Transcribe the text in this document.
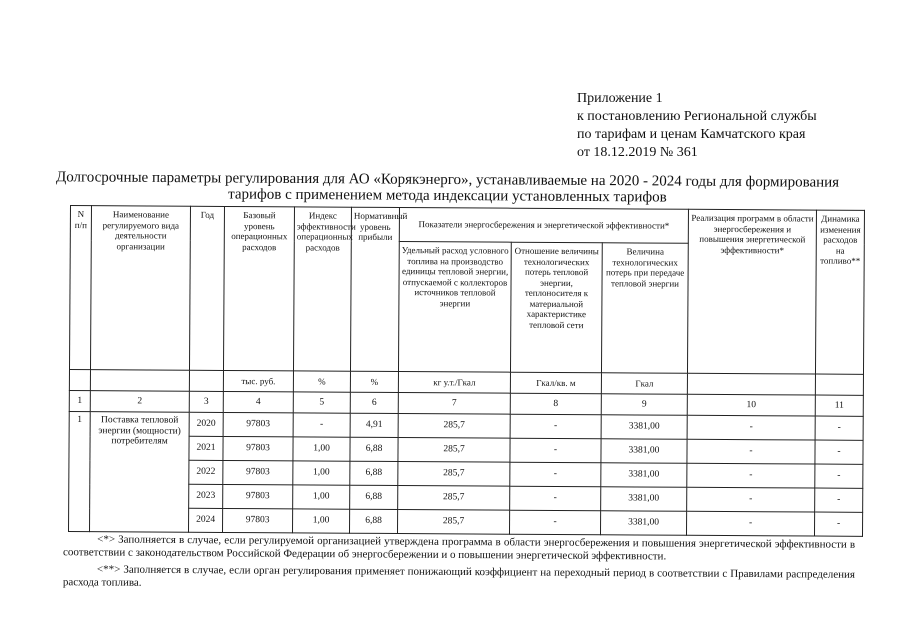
Приложение 1
к постановлению Региональной службы
по тарифам и ценам Камчатского края
от 18.12.2019 № 361
Долгосрочные параметры регулирования для АО «Корякэнерго», устанавливаемые на 2020 - 2024 годы для формирования тарифов с применением метода индексации установленных тарифов
N п/п	Наименование регулируемого вида деятельности организации	Год	Базовый уровень операционных расходов	Индекс эффективности операционных расходов	Нормативный уровень прибыли	Показатели энергосбережения и энергетической эффективности*			Реализация программ в области энергосбережения и повышения энергетической эффективности*	Динамика изменения расходов на топливо**
						Удельный расход условного топлива на производство единицы тепловой энергии, отпускаемой с коллекторов источников тепловой энергии	Отношение величины технологических потерь тепловой энергии, теплоносителя к материальной характеристике тепловой сети	Величина технологических потерь при передаче тепловой энергии		
			тыс. руб.	%	%	кг у.т./Гкал	Гкал/кв. м	Гкал		
1	2	3	4	5	6	7	8	9	10	11
1	Поставка тепловой энергии (мощности) потребителям	2020	97803	-	4,91	285,7	-	3381,00	-	-
		2021	97803	1,00	6,88	285,7	-	3381,00	-	-
		2022	97803	1,00	6,88	285,7	-	3381,00	-	-
		2023	97803	1,00	6,88	285,7	-	3381,00	-	-
		2024	97803	1,00	6,88	285,7	-	3381,00	-	-

<*> Заполняется в случае, если регулируемой организацией утверждена программа в области энергосбережения и повышения энергетической эффективности в соответствии с законодательством Российской Федерации об энергосбережении и о повышении энергетической эффективности.

<**> Заполняется в случае, если орган регулирования применяет понижающий коэффициент на переходный период в соответствии с Правилами распределения расхода топлива.
